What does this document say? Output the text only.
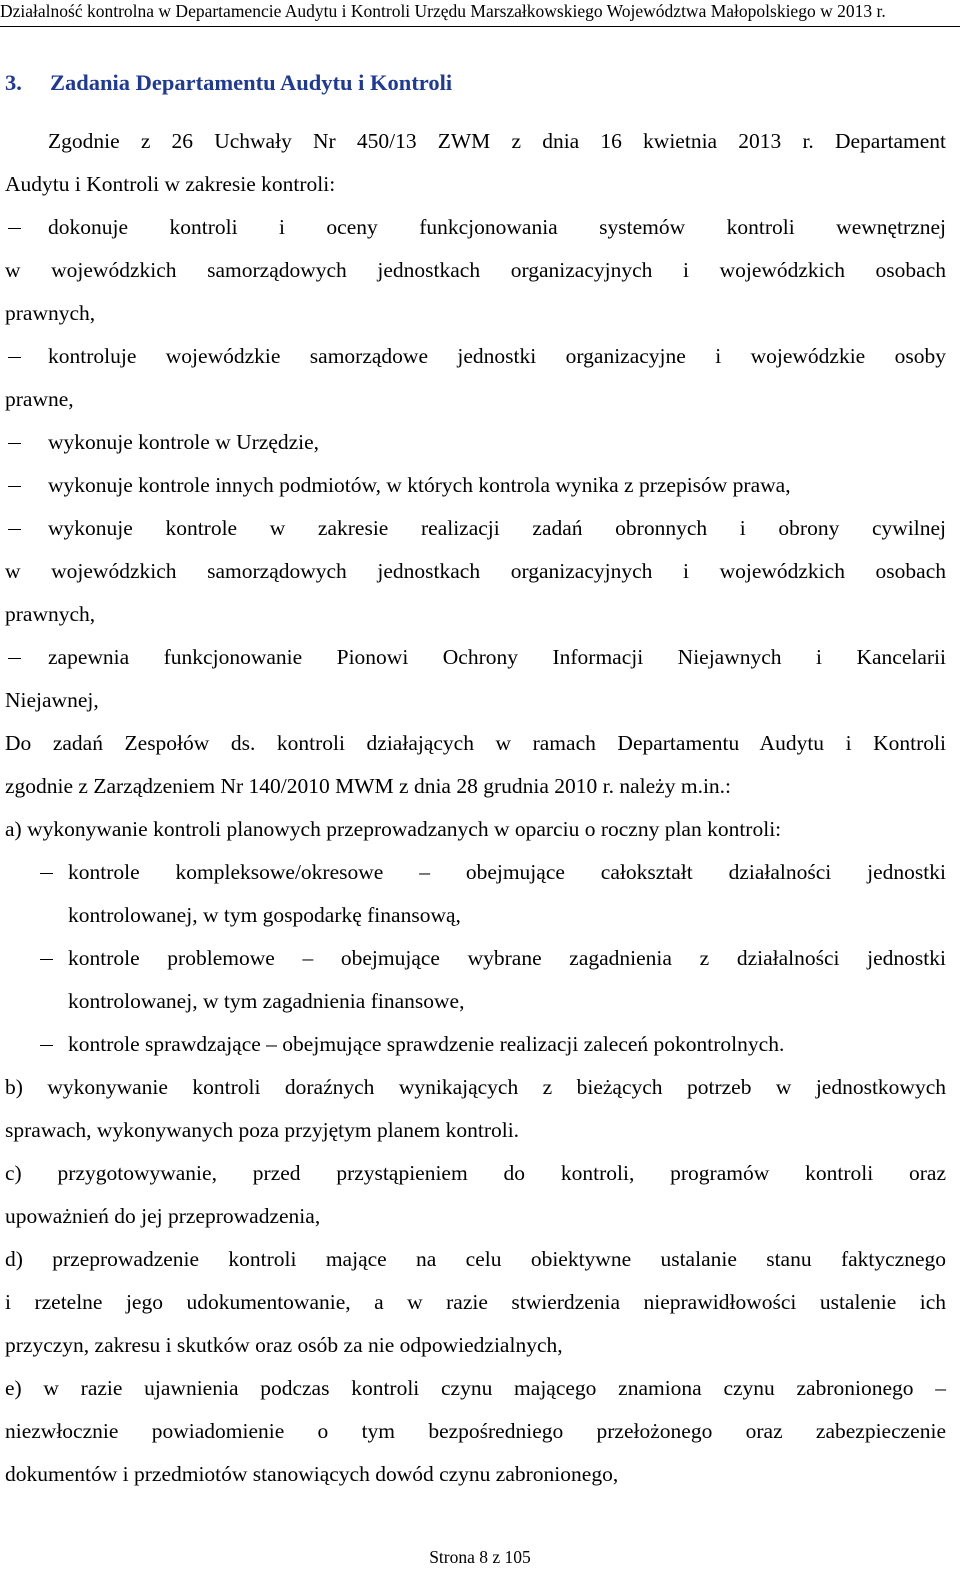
Działalność kontrolna w Departamencie Audytu i Kontroli Urzędu Marszałkowskiego Województwa Małopolskiego w 2013 r.
3. Zadania Departamentu Audytu i Kontroli
Zgodnie z 26 Uchwały Nr 450/13 ZWM z dnia 16 kwietnia 2013 r. Departament
Audytu i Kontroli w zakresie kontroli:
dokonuje kontroli i oceny funkcjonowania systemów kontroli wewnętrznej
w wojewódzkich samorządowych jednostkach organizacyjnych i wojewódzkich osobach
prawnych,
kontroluje wojewódzkie samorządowe jednostki organizacyjne i wojewódzkie osoby
prawne,
wykonuje kontrole w Urzędzie,
wykonuje kontrole innych podmiotów, w których kontrola wynika z przepisów prawa,
wykonuje kontrole w zakresie realizacji zadań obronnych i obrony cywilnej
w wojewódzkich samorządowych jednostkach organizacyjnych i wojewódzkich osobach
prawnych,
zapewnia funkcjonowanie Pionowi Ochrony Informacji Niejawnych i Kancelarii
Niejawnej,
Do zadań Zespołów ds. kontroli działających w ramach Departamentu Audytu i Kontroli
zgodnie z Zarządzeniem Nr 140/2010 MWM z dnia 28 grudnia 2010 r. należy m.in.:
a) wykonywanie kontroli planowych przeprowadzanych w oparciu o roczny plan kontroli:
kontrole kompleksowe/okresowe – obejmujące całokształt działalności jednostki
kontrolowanej, w tym gospodarkę finansową,
kontrole problemowe – obejmujące wybrane zagadnienia z działalności jednostki
kontrolowanej, w tym zagadnienia finansowe,
kontrole sprawdzające – obejmujące sprawdzenie realizacji zaleceń pokontrolnych.
b) wykonywanie kontroli doraźnych wynikających z bieżących potrzeb w jednostkowych
sprawach, wykonywanych poza przyjętym planem kontroli.
c) przygotowywanie, przed przystąpieniem do kontroli, programów kontroli oraz
upoważnień do jej przeprowadzenia,
d) przeprowadzenie kontroli mające na celu obiektywne ustalanie stanu faktycznego
i rzetelne jego udokumentowanie, a w razie stwierdzenia nieprawidłowości ustalenie ich
przyczyn, zakresu i skutków oraz osób za nie odpowiedzialnych,
e) w razie ujawnienia podczas kontroli czynu mającego znamiona czynu zabronionego –
niezwłocznie powiadomienie o tym bezpośredniego przełożonego oraz zabezpieczenie
dokumentów i przedmiotów stanowiących dowód czynu zabronionego,
Strona 8 z 105
